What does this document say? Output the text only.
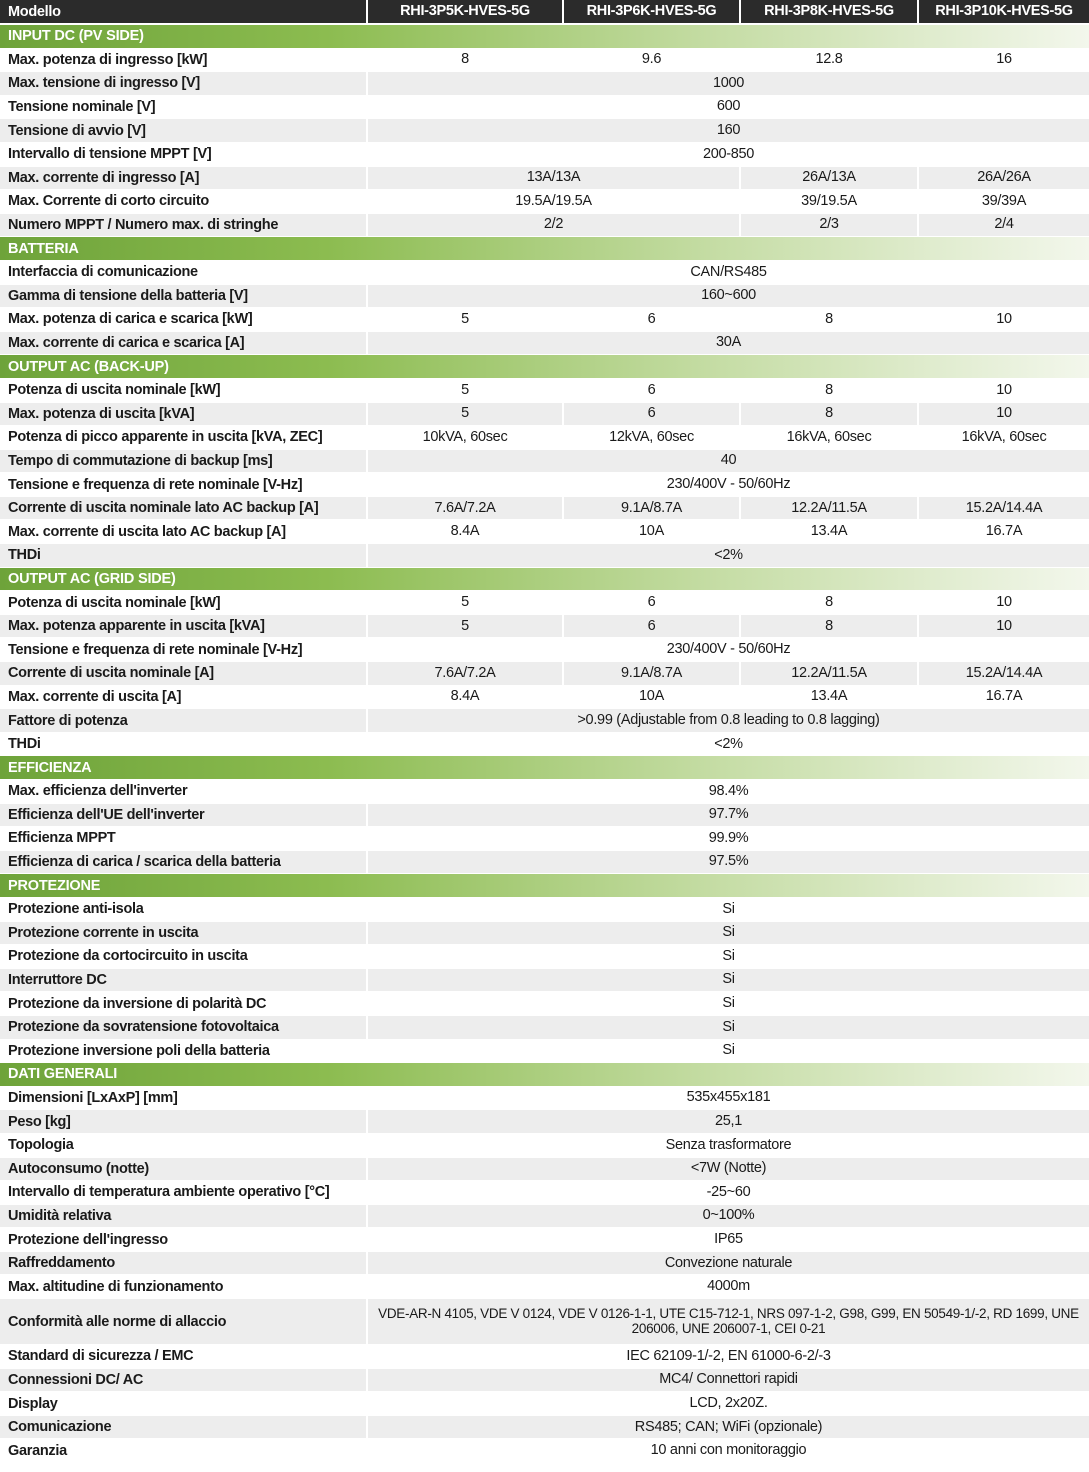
Modello	RHI-3P5K-HVES-5G	RHI-3P6K-HVES-5G	RHI-3P8K-HVES-5G	RHI-3P10K-HVES-5G
INPUT DC (PV SIDE)
Max. potenza di ingresso [kW]	8	9.6	12.8	16
Max. tensione di ingresso [V]	1000
Tensione nominale [V]	600
Tensione di avvio [V]	160
Intervallo di tensione MPPT [V]	200-850
Max. corrente di ingresso [A]	13A/13A	26A/13A	26A/26A
Max. Corrente di corto circuito	19.5A/19.5A	39/19.5A	39/39A
Numero MPPT / Numero max. di stringhe	2/2	2/3	2/4
BATTERIA
Interfaccia di comunicazione	CAN/RS485
Gamma di tensione della batteria [V]	160~600
Max. potenza di carica e scarica [kW]	5	6	8	10
Max. corrente di carica e scarica [A]	30A
OUTPUT AC (BACK-UP)
Potenza di uscita nominale [kW]	5	6	8	10
Max. potenza di uscita [kVA]	5	6	8	10
Potenza di picco apparente in uscita [kVA, ZEC]	10kVA, 60sec	12kVA, 60sec	16kVA, 60sec	16kVA, 60sec
Tempo di commutazione di backup [ms]	40
Tensione e frequenza di rete nominale [V-Hz]	230/400V - 50/60Hz
Corrente di uscita nominale lato AC backup [A]	7.6A/7.2A	9.1A/8.7A	12.2A/11.5A	15.2A/14.4A
Max. corrente di uscita lato AC backup [A]	8.4A	10A	13.4A	16.7A
THDi	<2%
OUTPUT AC (GRID SIDE)
Potenza di uscita nominale [kW]	5	6	8	10
Max. potenza apparente in uscita [kVA]	5	6	8	10
Tensione e frequenza di rete nominale [V-Hz]	230/400V - 50/60Hz
Corrente di uscita nominale [A]	7.6A/7.2A	9.1A/8.7A	12.2A/11.5A	15.2A/14.4A
Max. corrente di uscita [A]	8.4A	10A	13.4A	16.7A
Fattore di potenza	>0.99 (Adjustable from 0.8 leading to 0.8 lagging)
THDi	<2%
EFFICIENZA
Max. efficienza dell'inverter	98.4%
Efficienza dell'UE dell'inverter	97.7%
Efficienza MPPT	99.9%
Efficienza di carica / scarica della batteria	97.5%
PROTEZIONE
Protezione anti-isola	Si
Protezione corrente in uscita	Si
Protezione da cortocircuito in uscita	Si
Interruttore DC	Si
Protezione da inversione di polarità DC	Si
Protezione da sovratensione fotovoltaica	Si
Protezione inversione poli della batteria	Si
DATI GENERALI
Dimensioni [LxAxP] [mm]	535x455x181
Peso [kg]	25,1
Topologia	Senza trasformatore
Autoconsumo (notte)	<7W (Notte)
Intervallo di temperatura ambiente operativo [°C]	-25~60
Umidità relativa	0~100%
Protezione dell'ingresso	IP65
Raffreddamento	Convezione naturale
Max. altitudine di funzionamento	4000m
Conformità alle norme di allaccio	VDE-AR-N 4105, VDE V 0124, VDE V 0126-1-1, UTE C15-712-1, NRS 097-1-2, G98, G99, EN 50549-1/-2, RD 1699, UNE 206006, UNE 206007-1, CEI 0-21
Standard di sicurezza / EMC	IEC 62109-1/-2, EN 61000-6-2/-3
Connessioni DC/ AC	MC4/ Connettori rapidi
Display	LCD, 2x20Z.
Comunicazione	RS485; CAN; WiFi (opzionale)
Garanzia	10 anni con monitoraggio
